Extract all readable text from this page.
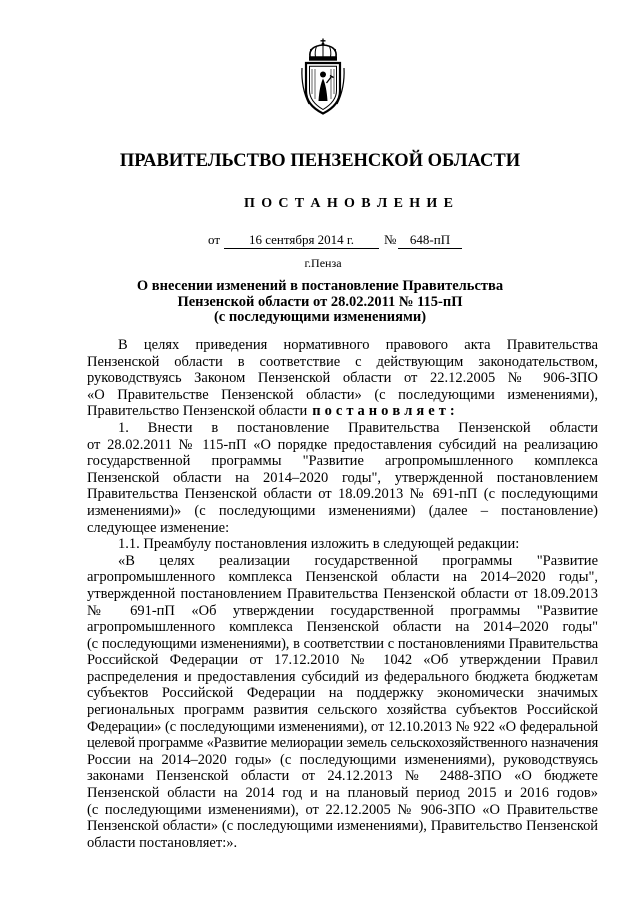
ПРАВИТЕЛЬСТВО ПЕНЗЕНСКОЙ ОБЛАСТИ
П О С Т А Н О В Л Е Н И Е
от	16 сентября 2014 г.	№	648-пП
г.Пенза
О внесении изменений в постановление Правительства
Пензенской области от 28.02.2011 № 115-пП
(с последующими изменениями)
В целях приведения нормативного правового акта Правительства
Пензенской области в соответствие с действующим законодательством,
руководствуясь Законом Пензенской области от 22.12.2005 № 906-ЗПО
«О Правительстве Пензенской области» (с последующими изменениями),
Правительство Пензенской области п о с т а н о в л я е т :
1. Внести в постановление Правительства Пензенской области
от 28.02.2011 № 115-пП «О порядке предоставления субсидий на реализацию
государственной программы "Развитие агропромышленного комплекса
Пензенской области на 2014–2020 годы", утвержденной постановлением
Правительства Пензенской области от 18.09.2013 № 691-пП (с последующими
изменениями)» (с последующими изменениями) (далее – постановление)
следующее изменение:
1.1. Преамбулу постановления изложить в следующей редакции:
«В целях реализации государственной программы "Развитие
агропромышленного комплекса Пензенской области на 2014–2020 годы",
утвержденной постановлением Правительства Пензенской области от 18.09.2013
№ 691-пП «Об утверждении государственной программы "Развитие
агропромышленного комплекса Пензенской области на 2014–2020 годы"
(с последующими изменениями), в соответствии с постановлениями Правительства
Российской Федерации от 17.12.2010 № 1042 «Об утверждении Правил
распределения и предоставления субсидий из федерального бюджета бюджетам
субъектов Российской Федерации на поддержку экономически значимых
региональных программ развития сельского хозяйства субъектов Российской
Федерации» (с последующими изменениями), от 12.10.2013 № 922 «О федеральной
целевой программе «Развитие мелиорации земель сельскохозяйственного назначения
России на 2014–2020 годы» (с последующими изменениями), руководствуясь
законами Пензенской области от 24.12.2013 № 2488-ЗПО «О бюджете
Пензенской области на 2014 год и на плановый период 2015 и 2016 годов»
(с последующими изменениями), от 22.12.2005 № 906-ЗПО «О Правительстве
Пензенской области» (с последующими изменениями), Правительство Пензенской
области постановляет:».
